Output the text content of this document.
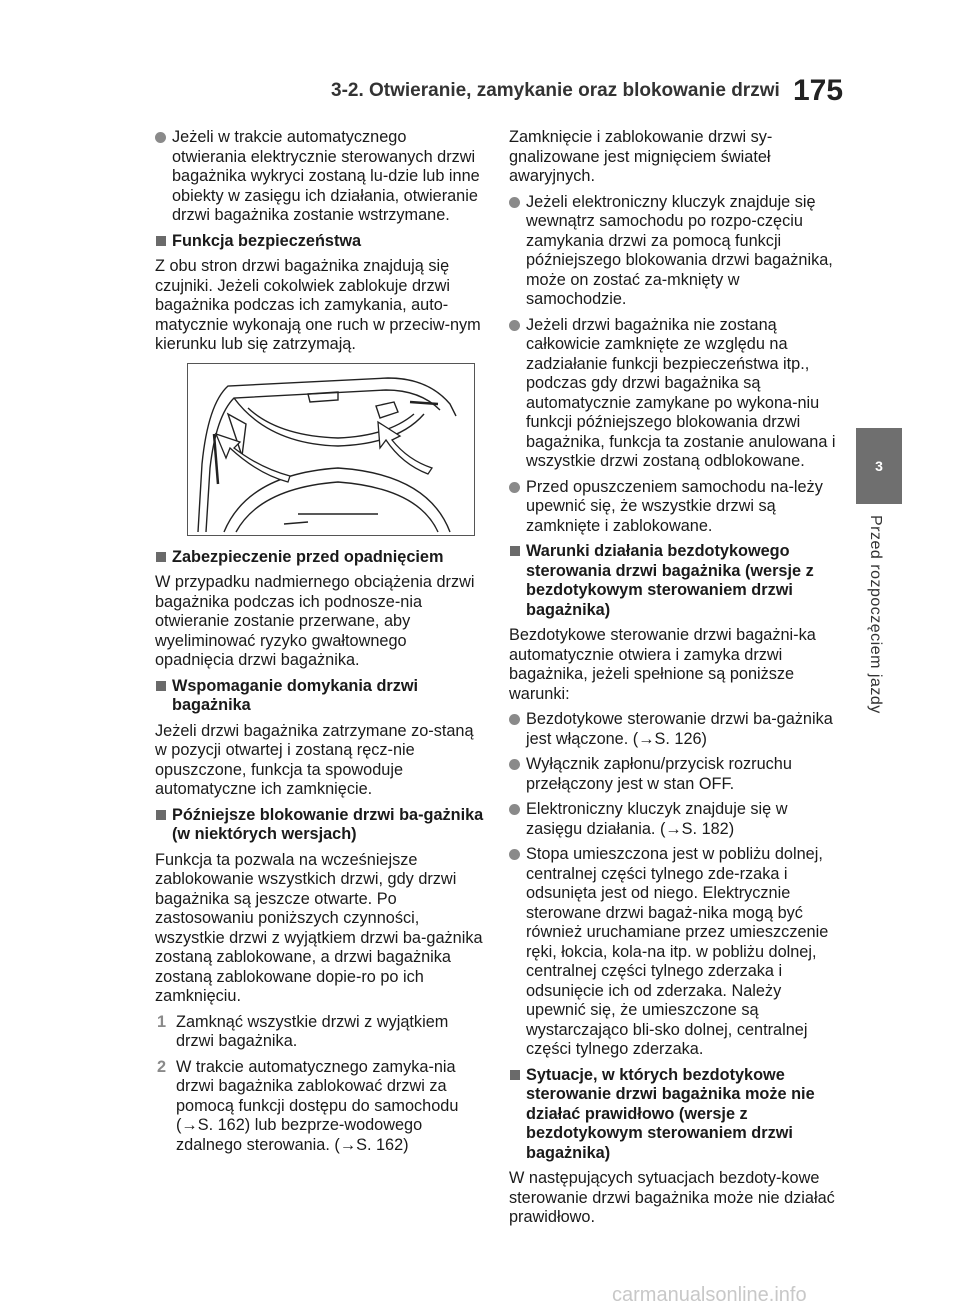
3-2. Otwieranie, zamykanie oraz blokowanie drzwi 175
3
Przed rozpoczęciem jazdy
Jeżeli w trakcie automatycznego otwierania elektrycznie sterowanych drzwi bagażnika wykryci zostaną lu-dzie lub inne obiekty w zasięgu ich działania, otwieranie drzwi bagażnika zostanie wstrzymane.
Funkcja bezpieczeństwa

Z obu stron drzwi bagażnika znajdują się czujniki. Jeżeli cokolwiek zablokuje drzwi bagażnika podczas ich zamykania, auto-matycznie wykonają one ruch w przeciw-nym kierunku lub się zatrzymają.

Zabezpieczenie przed opadnięciem

W przypadku nadmiernego obciążenia drzwi bagażnika podczas ich podnosze-nia otwieranie zostanie przerwane, aby wyeliminować ryzyko gwałtownego opadnięcia drzwi bagażnika.

Wspomaganie domykania drzwi bagażnika

Jeżeli drzwi bagażnika zatrzymane zo-staną w pozycji otwartej i zostaną ręcz-nie opuszczone, funkcja ta spowoduje automatyczne ich zamknięcie.

Późniejsze blokowanie drzwi ba-gażnika (w niektórych wersjach)

Funkcja ta pozwala na wcześniejsze zablokowanie wszystkich drzwi, gdy drzwi bagażnika są jeszcze otwarte. Po zastosowaniu poniższych czynności, wszystkie drzwi z wyjątkiem drzwi ba-gażnika zostaną zablokowane, a drzwi bagażnika zostaną zablokowane dopie-ro po ich zamknięciu.

1 Zamknąć wszystkie drzwi z wyjątkiem drzwi bagażnika.
2 W trakcie automatycznego zamyka-nia drzwi bagażnika zablokować drzwi za pomocą funkcji dostępu do samochodu (→S. 162) lub bezprze-wodowego zdalnego sterowania. (→S. 162)

Zamknięcie i zablokowanie drzwi sy-gnalizowane jest mignięciem świateł awaryjnych.

Jeżeli elektroniczny kluczyk znajduje się wewnątrz samochodu po rozpo-częciu zamykania drzwi za pomocą funkcji późniejszego blokowania drzwi bagażnika, może on zostać za-mknięty w samochodzie.
Jeżeli drzwi bagażnika nie zostaną całkowicie zamknięte ze względu na zadziałanie funkcji bezpieczeństwa itp., podczas gdy drzwi bagażnika są automatycznie zamykane po wykona-niu funkcji późniejszego blokowania drzwi bagażnika, funkcja ta zostanie anulowana i wszystkie drzwi zostaną odblokowane.
Przed opuszczeniem samochodu na-leży upewnić się, że wszystkie drzwi są zamknięte i zablokowane.
Warunki działania bezdotykowego sterowania drzwi bagażnika (wersje z bezdotykowym sterowaniem drzwi bagażnika)

Bezdotykowe sterowanie drzwi bagażni-ka automatycznie otwiera i zamyka drzwi bagażnika, jeżeli spełnione są poniższe warunki:

Bezdotykowe sterowanie drzwi ba-gażnika jest włączone. (→S. 126)
Wyłącznik zapłonu/przycisk rozruchu przełączony jest w stan OFF.
Elektroniczny kluczyk znajduje się w zasięgu działania. (→S. 182)
Stopa umieszczona jest w pobliżu dolnej, centralnej części tylnego zde-rzaka i odsunięta jest od niego. Elektrycznie sterowane drzwi bagaż-nika mogą być również uruchamiane przez umieszczenie ręki, łokcia, kola-na itp. w pobliżu dolnej, centralnej części tylnego zderzaka i odsunięcie ich od zderzaka. Należy upewnić się, że umieszczone są wystarczająco bli-sko dolnej, centralnej części tylnego zderzaka.
Sytuacje, w których bezdotykowe sterowanie drzwi bagażnika może nie działać prawidłowo (wersje z bezdotykowym sterowaniem drzwi bagażnika)

W następujących sytuacjach bezdoty-kowe sterowanie drzwi bagażnika może nie działać prawidłowo.

carmanualsonline.info
